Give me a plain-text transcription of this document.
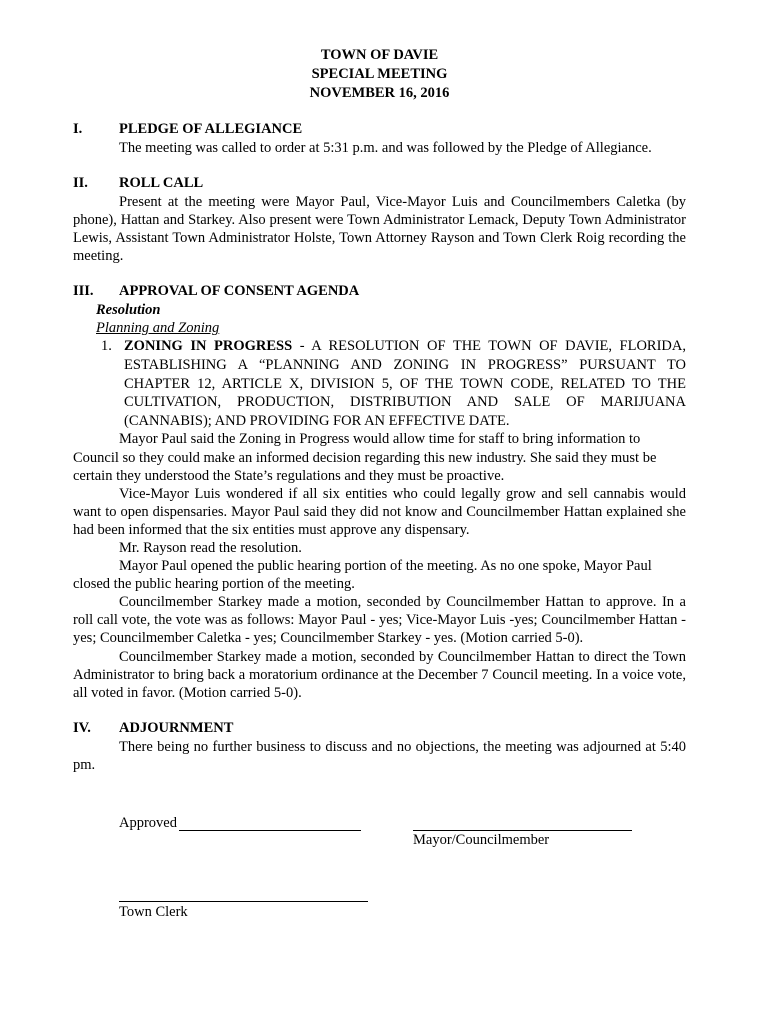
TOWN OF DAVIE
SPECIAL MEETING
NOVEMBER 16, 2016
I.	PLEDGE OF ALLEGIANCE

The meeting was called to order at 5:31 p.m. and was followed by the Pledge of Allegiance.

II. ROLL CALL

Present at the meeting were Mayor Paul, Vice-Mayor Luis and Councilmembers Caletka (by phone), Hattan and Starkey. Also present were Town Administrator Lemack, Deputy Town Administrator Lewis, Assistant Town Administrator Holste, Town Attorney Rayson and Town Clerk Roig recording the meeting.

III. APPROVAL OF CONSENT AGENDA
Resolution
Planning and Zoning
1. ZONING IN PROGRESS - A RESOLUTION OF THE TOWN OF DAVIE, FLORIDA, ESTABLISHING A “PLANNING AND ZONING IN PROGRESS” PURSUANT TO CHAPTER 12, ARTICLE X, DIVISION 5, OF THE TOWN CODE, RELATED TO THE CULTIVATION, PRODUCTION, DISTRIBUTION AND SALE OF MARIJUANA (CANNABIS); AND PROVIDING FOR AN EFFECTIVE DATE.

Mayor Paul said the Zoning in Progress would allow time for staff to bring information to Council so they could make an informed decision regarding this new industry. She said they must be certain they understood the State’s regulations and they must be proactive.

Vice-Mayor Luis wondered if all six entities who could legally grow and sell cannabis would want to open dispensaries. Mayor Paul said they did not know and Councilmember Hattan explained she had been informed that the six entities must approve any dispensary.

Mr. Rayson read the resolution.

Mayor Paul opened the public hearing portion of the meeting. As no one spoke, Mayor Paul closed the public hearing portion of the meeting.

Councilmember Starkey made a motion, seconded by Councilmember Hattan to approve. In a roll call vote, the vote was as follows: Mayor Paul - yes; Vice-Mayor Luis -yes; Councilmember Hattan - yes; Councilmember Caletka - yes; Councilmember Starkey - yes. (Motion carried 5-0).

Councilmember Starkey made a motion, seconded by Councilmember Hattan to direct the Town Administrator to bring back a moratorium ordinance at the December 7 Council meeting. In a voice vote, all voted in favor. (Motion carried 5-0).

IV. ADJOURNMENT

There being no further business to discuss and no objections, the meeting was adjourned at 5:40 pm.

Approved
Mayor/Councilmember
Town Clerk
